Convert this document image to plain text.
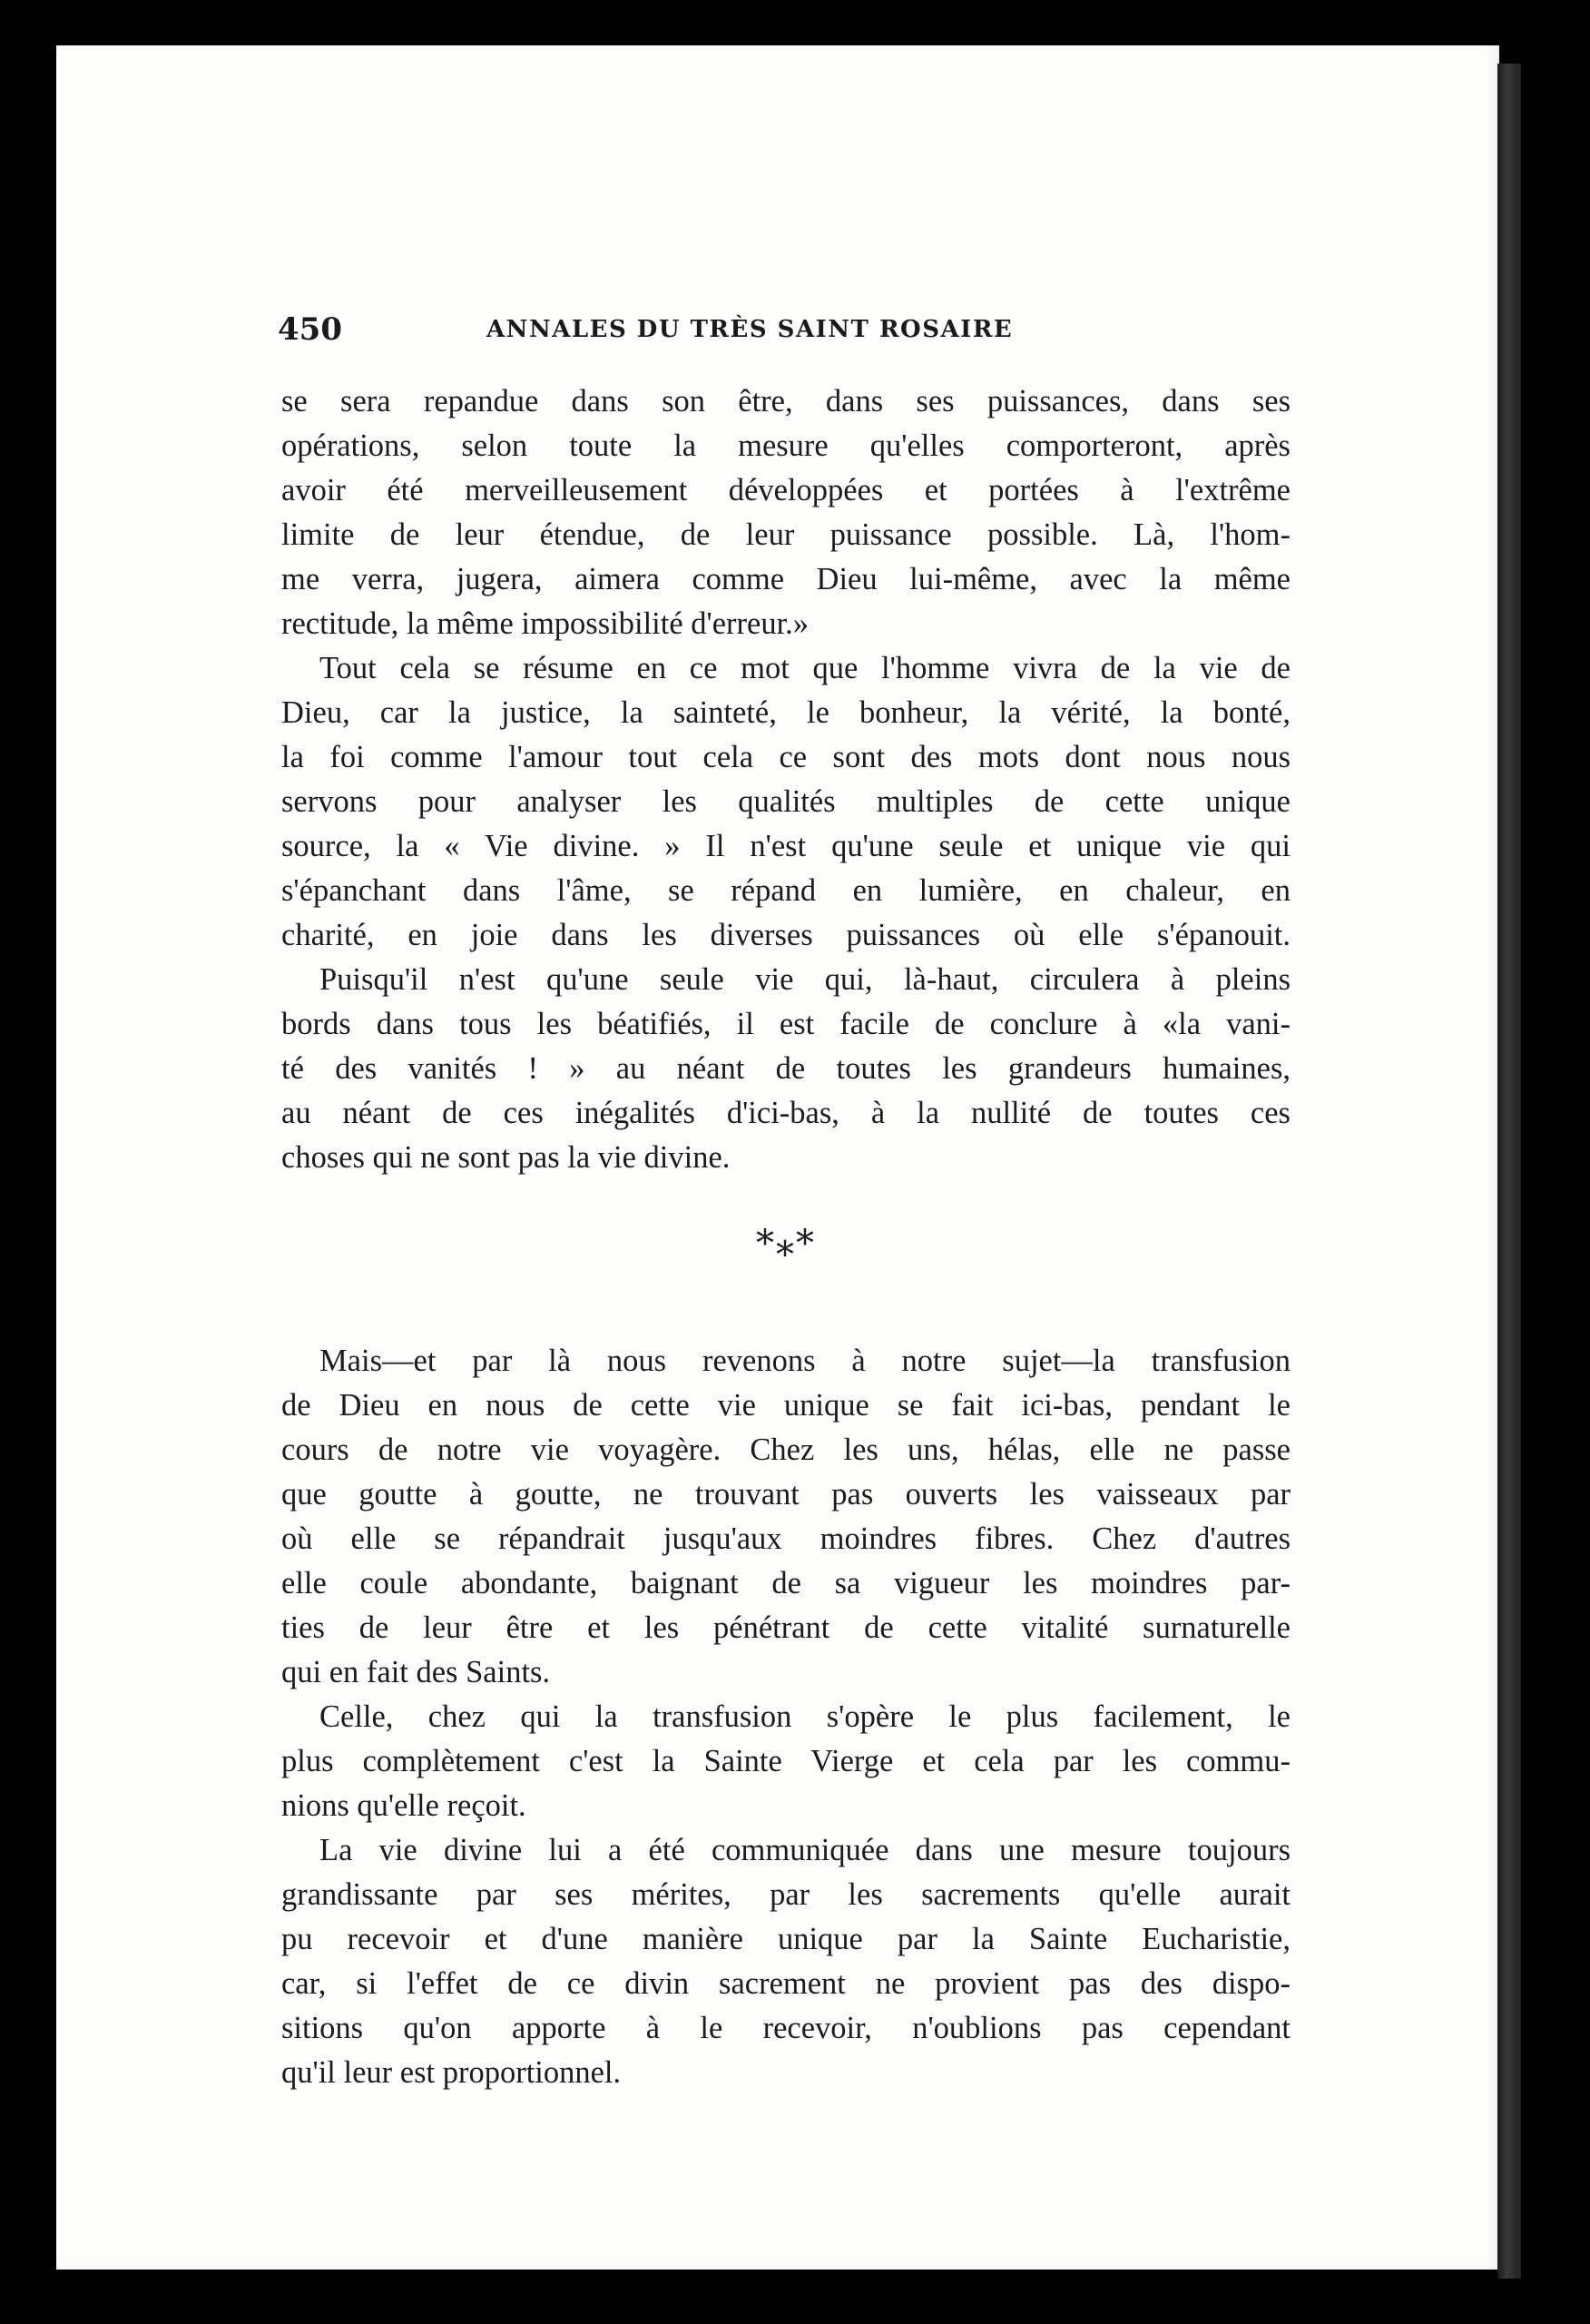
450	ANNALES DU TRÈS SAINT ROSAIRE
se sera repandue dans son être, dans ses puissances, dans ses
opérations, selon toute la mesure qu'elles comporteront, après
avoir été merveilleusement développées et portées à l'extrême
limite de leur étendue, de leur puissance possible. Là, l'hom-
me verra, jugera, aimera comme Dieu lui-même, avec la même
rectitude, la même impossibilité d'erreur.»
Tout cela se résume en ce mot que l'homme vivra de la vie de
Dieu, car la justice, la sainteté, le bonheur, la vérité, la bonté,
la foi comme l'amour tout cela ce sont des mots dont nous nous
servons pour analyser les qualités multiples de cette unique
source, la « Vie divine. » Il n'est qu'une seule et unique vie qui
s'épanchant dans l'âme, se répand en lumière, en chaleur, en
charité, en joie dans les diverses puissances où elle s'épanouit.
Puisqu'il n'est qu'une seule vie qui, là-haut, circulera à pleins
bords dans tous les béatifiés, il est facile de conclure à «la vani-
té des vanités ! » au néant de toutes les grandeurs humaines,
au néant de ces inégalités d'ici-bas, à la nullité de toutes ces
choses qui ne sont pas la vie divine.
*⁎*
Mais—et par là nous revenons à notre sujet—la transfusion
de Dieu en nous de cette vie unique se fait ici-bas, pendant le
cours de notre vie voyagère. Chez les uns, hélas, elle ne passe
que goutte à goutte, ne trouvant pas ouverts les vaisseaux par
où elle se répandrait jusqu'aux moindres fibres. Chez d'autres
elle coule abondante, baignant de sa vigueur les moindres par-
ties de leur être et les pénétrant de cette vitalité surnaturelle
qui en fait des Saints.
Celle, chez qui la transfusion s'opère le plus facilement, le
plus complètement c'est la Sainte Vierge et cela par les commu-
nions qu'elle reçoit.
La vie divine lui a été communiquée dans une mesure toujours
grandissante par ses mérites, par les sacrements qu'elle aurait
pu recevoir et d'une manière unique par la Sainte Eucharistie,
car, si l'effet de ce divin sacrement ne provient pas des dispo-
sitions qu'on apporte à le recevoir, n'oublions pas cependant
qu'il leur est proportionnel.
